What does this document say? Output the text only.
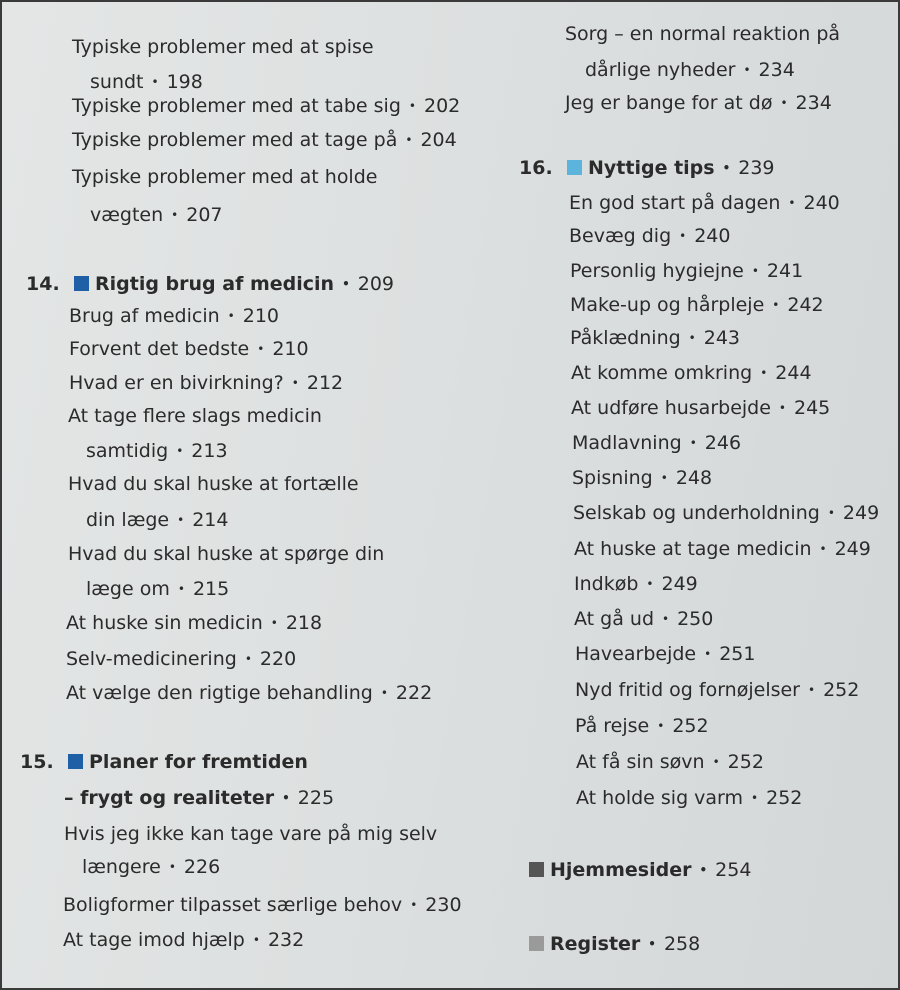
Typiske problemer med at spise
sundt • 198
Typiske problemer med at tabe sig • 202
Typiske problemer med at tage på • 204
Typiske problemer med at holde
vægten • 207
14. Rigtig brug af medicin • 209
Brug af medicin • 210
Forvent det bedste • 210
Hvad er en bivirkning? • 212
At tage flere slags medicin
samtidig • 213
Hvad du skal huske at fortælle
din læge • 214
Hvad du skal huske at spørge din
læge om • 215
At huske sin medicin • 218
Selv-medicinering • 220
At vælge den rigtige behandling • 222
15. Planer for fremtiden
– frygt og realiteter • 225
Hvis jeg ikke kan tage vare på mig selv
længere • 226
Boligformer tilpasset særlige behov • 230
At tage imod hjælp • 232
Sorg – en normal reaktion på
dårlige nyheder • 234
Jeg er bange for at dø • 234
16. Nyttige tips • 239
En god start på dagen • 240
Bevæg dig • 240
Personlig hygiejne • 241
Make-up og hårpleje • 242
Påklædning • 243
At komme omkring • 244
At udføre husarbejde • 245
Madlavning • 246
Spisning • 248
Selskab og underholdning • 249
At huske at tage medicin • 249
Indkøb • 249
At gå ud • 250
Havearbejde • 251
Nyd fritid og fornøjelser • 252
På rejse • 252
At få sin søvn • 252
At holde sig varm • 252
Hjemmesider • 254
Register • 258
